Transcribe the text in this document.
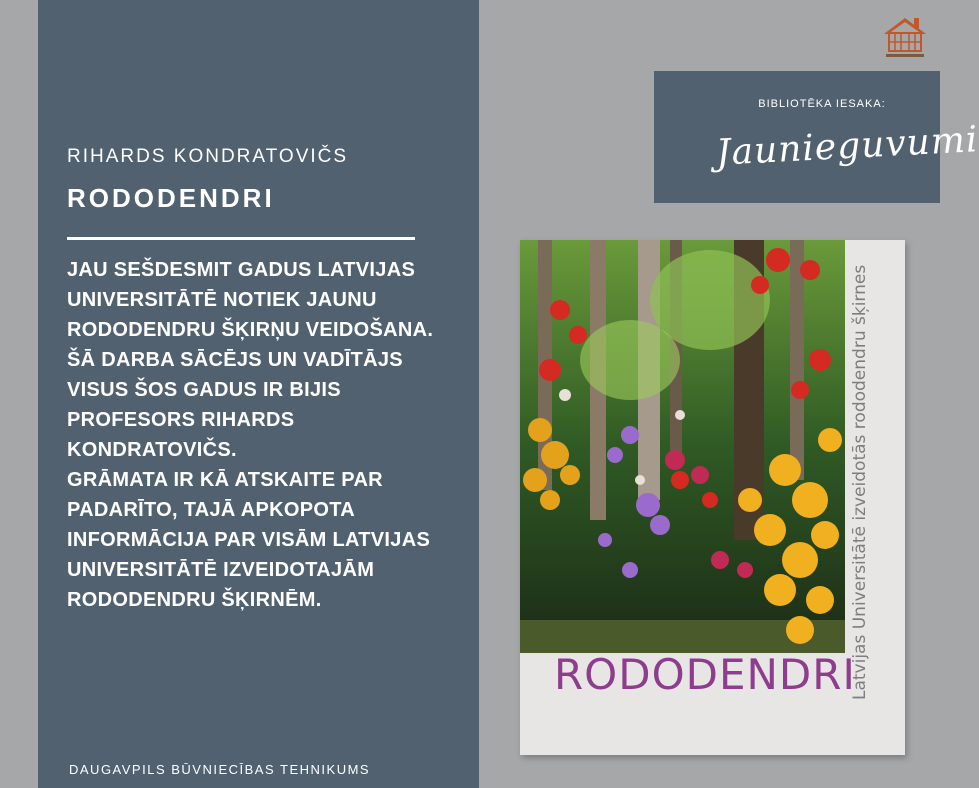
RIHARDS KONDRATOVIČS
RODODENDRI

JAU SEŠDESMIT GADUS LATVIJAS UNIVERSITĀTĒ NOTIEK JAUNU RODODENDRU ŠĶIRŅU VEIDOŠANA. ŠĀ DARBA SĀCĒJS UN VADĪTĀJS VISUS ŠOS GADUS IR BIJIS PROFESORS RIHARDS KONDRATOVIČS.

GRĀMATA IR KĀ ATSKAITE PAR PADARĪTO, TAJĀ APKOPOTA INFORMĀCIJA PAR VISĀM LATVIJAS UNIVERSITĀTĒ IZVEIDOTAJĀM RODODENDRU ŠĶIRNĒM.

DAUGAVPILS BŪVNIECĪBAS TEHNIKUMS
BIBLIOTĒKA IESAKA:
Jaunieguvumi
RODODENDRI
Latvijas Universitātē izveidotās rododendru šķirnes
